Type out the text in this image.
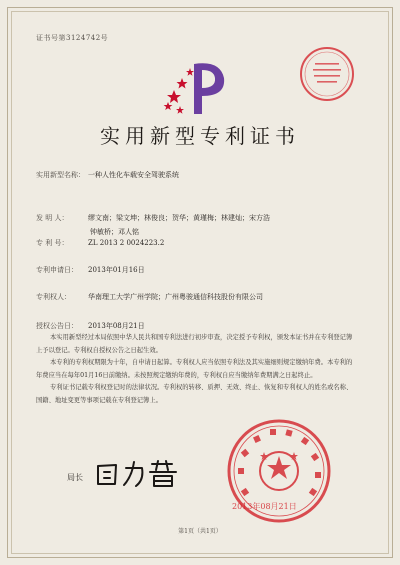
证书号第3124742号
实用新型专利证书
实用新型名称： 一种人性化车载安全驾驶系统
发 明 人：	缪文南；梁文坤；林俊良；贺华；黄瑾梅；林建灿；宋方浩
钟敏桥；邓人铭
专 利 号：	ZL 2013 2 0024223.2
专利申请日： 2013年01月16日
专利权人： 华南理工大学广州学院；广州粤骏通信科技股份有限公司
授权公告日： 2013年08月21日

本实用新型经过本局依照中华人民共和国专利法进行初步审查，决定授予专利权，颁发本证书并在专利登记簿上予以登记。专利权自授权公告之日起生效。

本专利的专利权期限为十年，自申请日起算。专利权人应当依照专利法及其实施细则规定缴纳年费。本专利的年费应当在每年01月16日前缴纳。未按照规定缴纳年费的，专利权自应当缴纳年费期满之日起终止。

专利证书记载专利权登记时的法律状况。专利权的转移、质押、无效、终止、恢复和专利权人的姓名或名称、国籍、地址变更等事项记载在专利登记簿上。

局长
2013年08月21日
第1页（共1页）
